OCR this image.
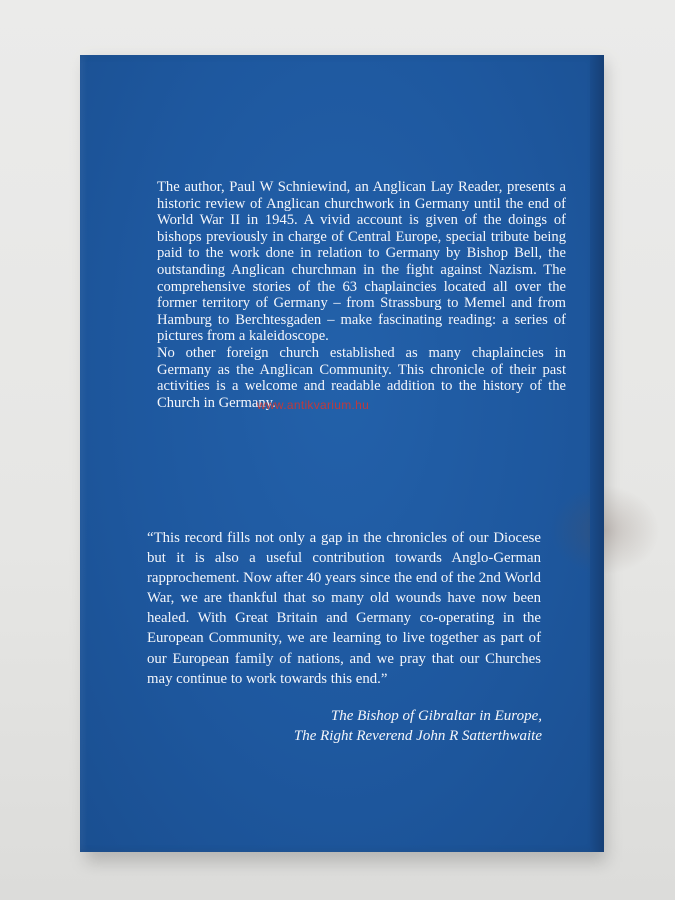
The author, Paul W Schniewind, an Anglican Lay Reader, presents a historic review of Anglican churchwork in Germany until the end of World War II in 1945. A vivid account is given of the doings of bishops previously in charge of Central Europe, special tribute being paid to the work done in relation to Germany by Bishop Bell, the outstanding Anglican churchman in the fight against Nazism. The comprehensive stories of the 63 chaplaincies located all over the former territory of Germany – from Strassburg to Memel and from Hamburg to Berchtesgaden – make fascinating reading: a series of pictures from a kaleidoscope.

No other foreign church established as many chaplaincies in Germany as the Anglican Community. This chronicle of their past activities is a welcome and readable addition to the history of the Church in Germany.

“This record fills not only a gap in the chronicles of our Diocese but it is also a useful contribution towards Anglo-German rapprochement. Now after 40 years since the end of the 2nd World War, we are thankful that so many old wounds have now been healed. With Great Britain and Germany co-operating in the European Community, we are learning to live together as part of our European family of nations, and we pray that our Churches may continue to work towards this end.”
The Bishop of Gibraltar in Europe,
The Right Reverend John R Satterthwaite
www.antikvarium.hu
